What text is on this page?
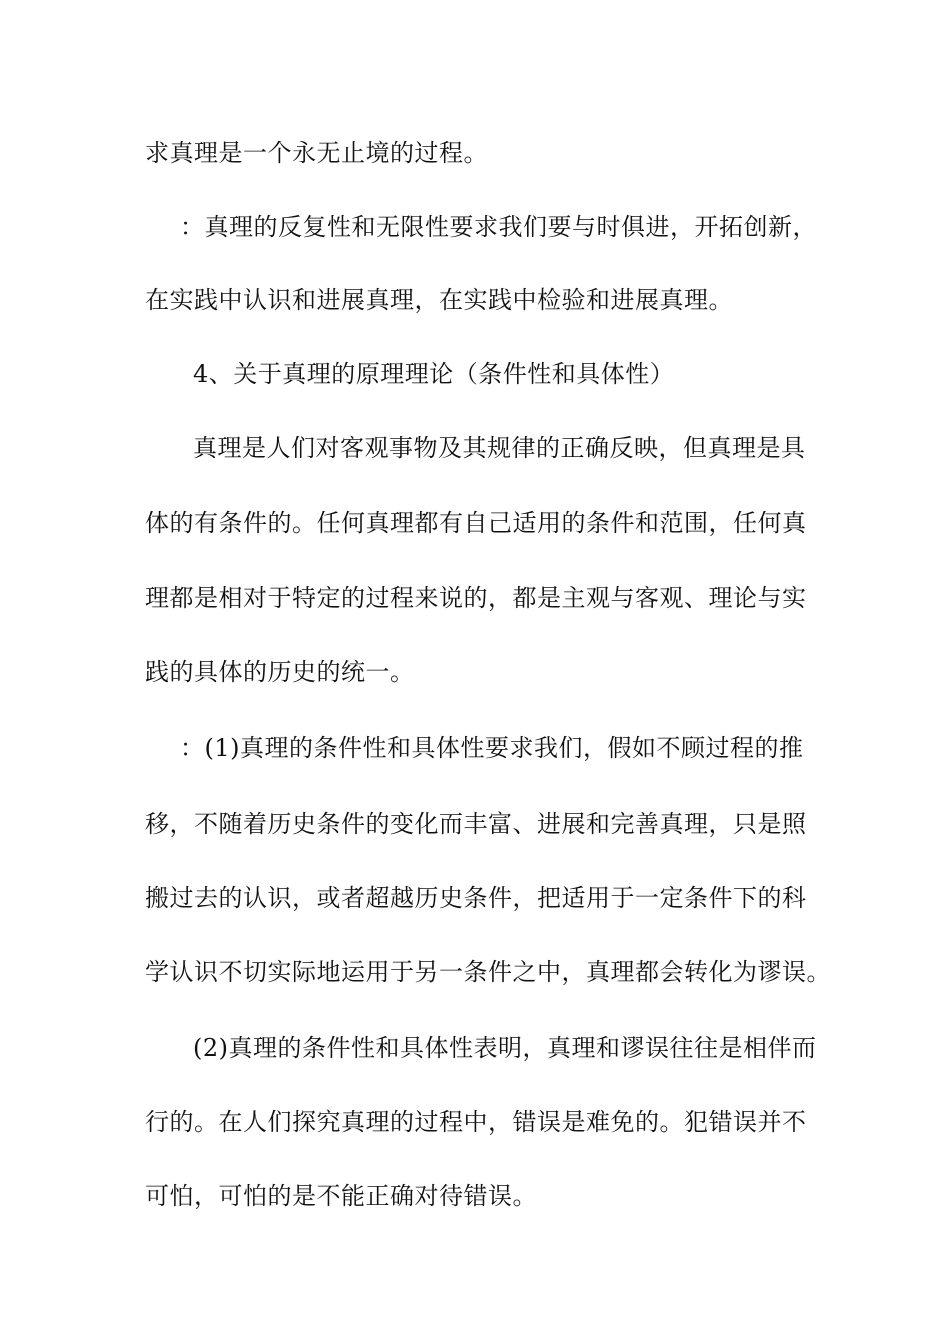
求真理是一个永无止境的过程。
：真理的反复性和无限性要求我们要与时俱进，开拓创新，
在实践中认识和进展真理，在实践中检验和进展真理。
4、关于真理的原理理论（条件性和具体性）
真理是人们对客观事物及其规律的正确反映，但真理是具
体的有条件的。任何真理都有自己适用的条件和范围，任何真
理都是相对于特定的过程来说的，都是主观与客观、理论与实
践的具体的历史的统一。
：(1)真理的条件性和具体性要求我们，假如不顾过程的推
移，不随着历史条件的变化而丰富、进展和完善真理，只是照
搬过去的认识，或者超越历史条件，把适用于一定条件下的科
学认识不切实际地运用于另一条件之中，真理都会转化为谬误。
(2)真理的条件性和具体性表明，真理和谬误往往是相伴而
行的。在人们探究真理的过程中，错误是难免的。犯错误并不
可怕，可怕的是不能正确对待错误。
